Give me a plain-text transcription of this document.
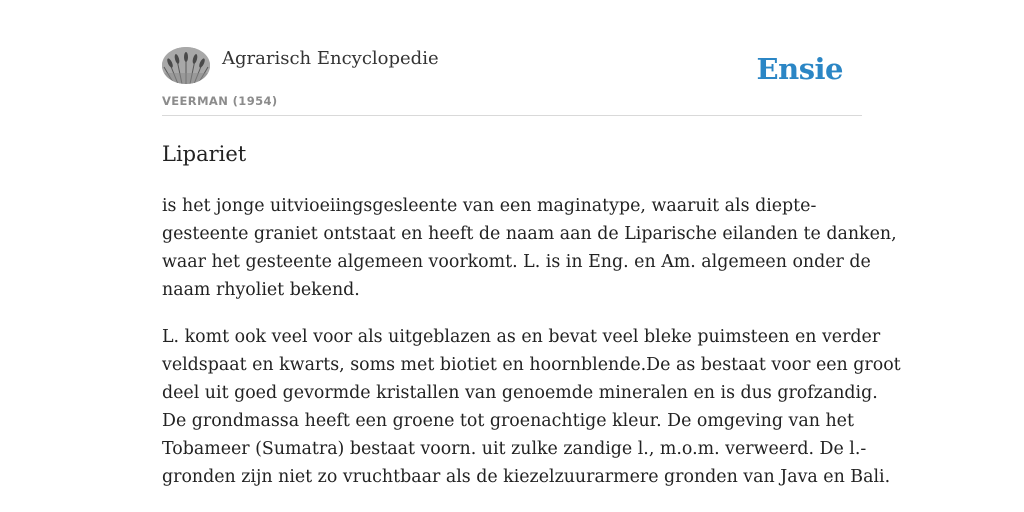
Agrarisch Encyclopedie	Ensie
VEERMAN (1954)
Lipariet
is het jonge uitvioeiingsgesleente van een maginatype, waaruit als diepte-
gesteente graniet ontstaat en heeft de naam aan de Liparische eilanden te danken,
waar het gesteente algemeen voorkomt. L. is in Eng. en Am. algemeen onder de
naam rhyoliet bekend.
L. komt ook veel voor als uitgeblazen as en bevat veel bleke puimsteen en verder
veldspaat en kwarts, soms met biotiet en hoornblende.De as bestaat voor een groot
deel uit goed gevormde kristallen van genoemde mineralen en is dus grofzandig.
De grondmassa heeft een groene tot groenachtige kleur. De omgeving van het
Tobameer (Sumatra) bestaat voorn. uit zulke zandige l., m.o.m. verweerd. De l.-
gronden zijn niet zo vruchtbaar als de kiezelzuurarmere gronden van Java en Bali.
